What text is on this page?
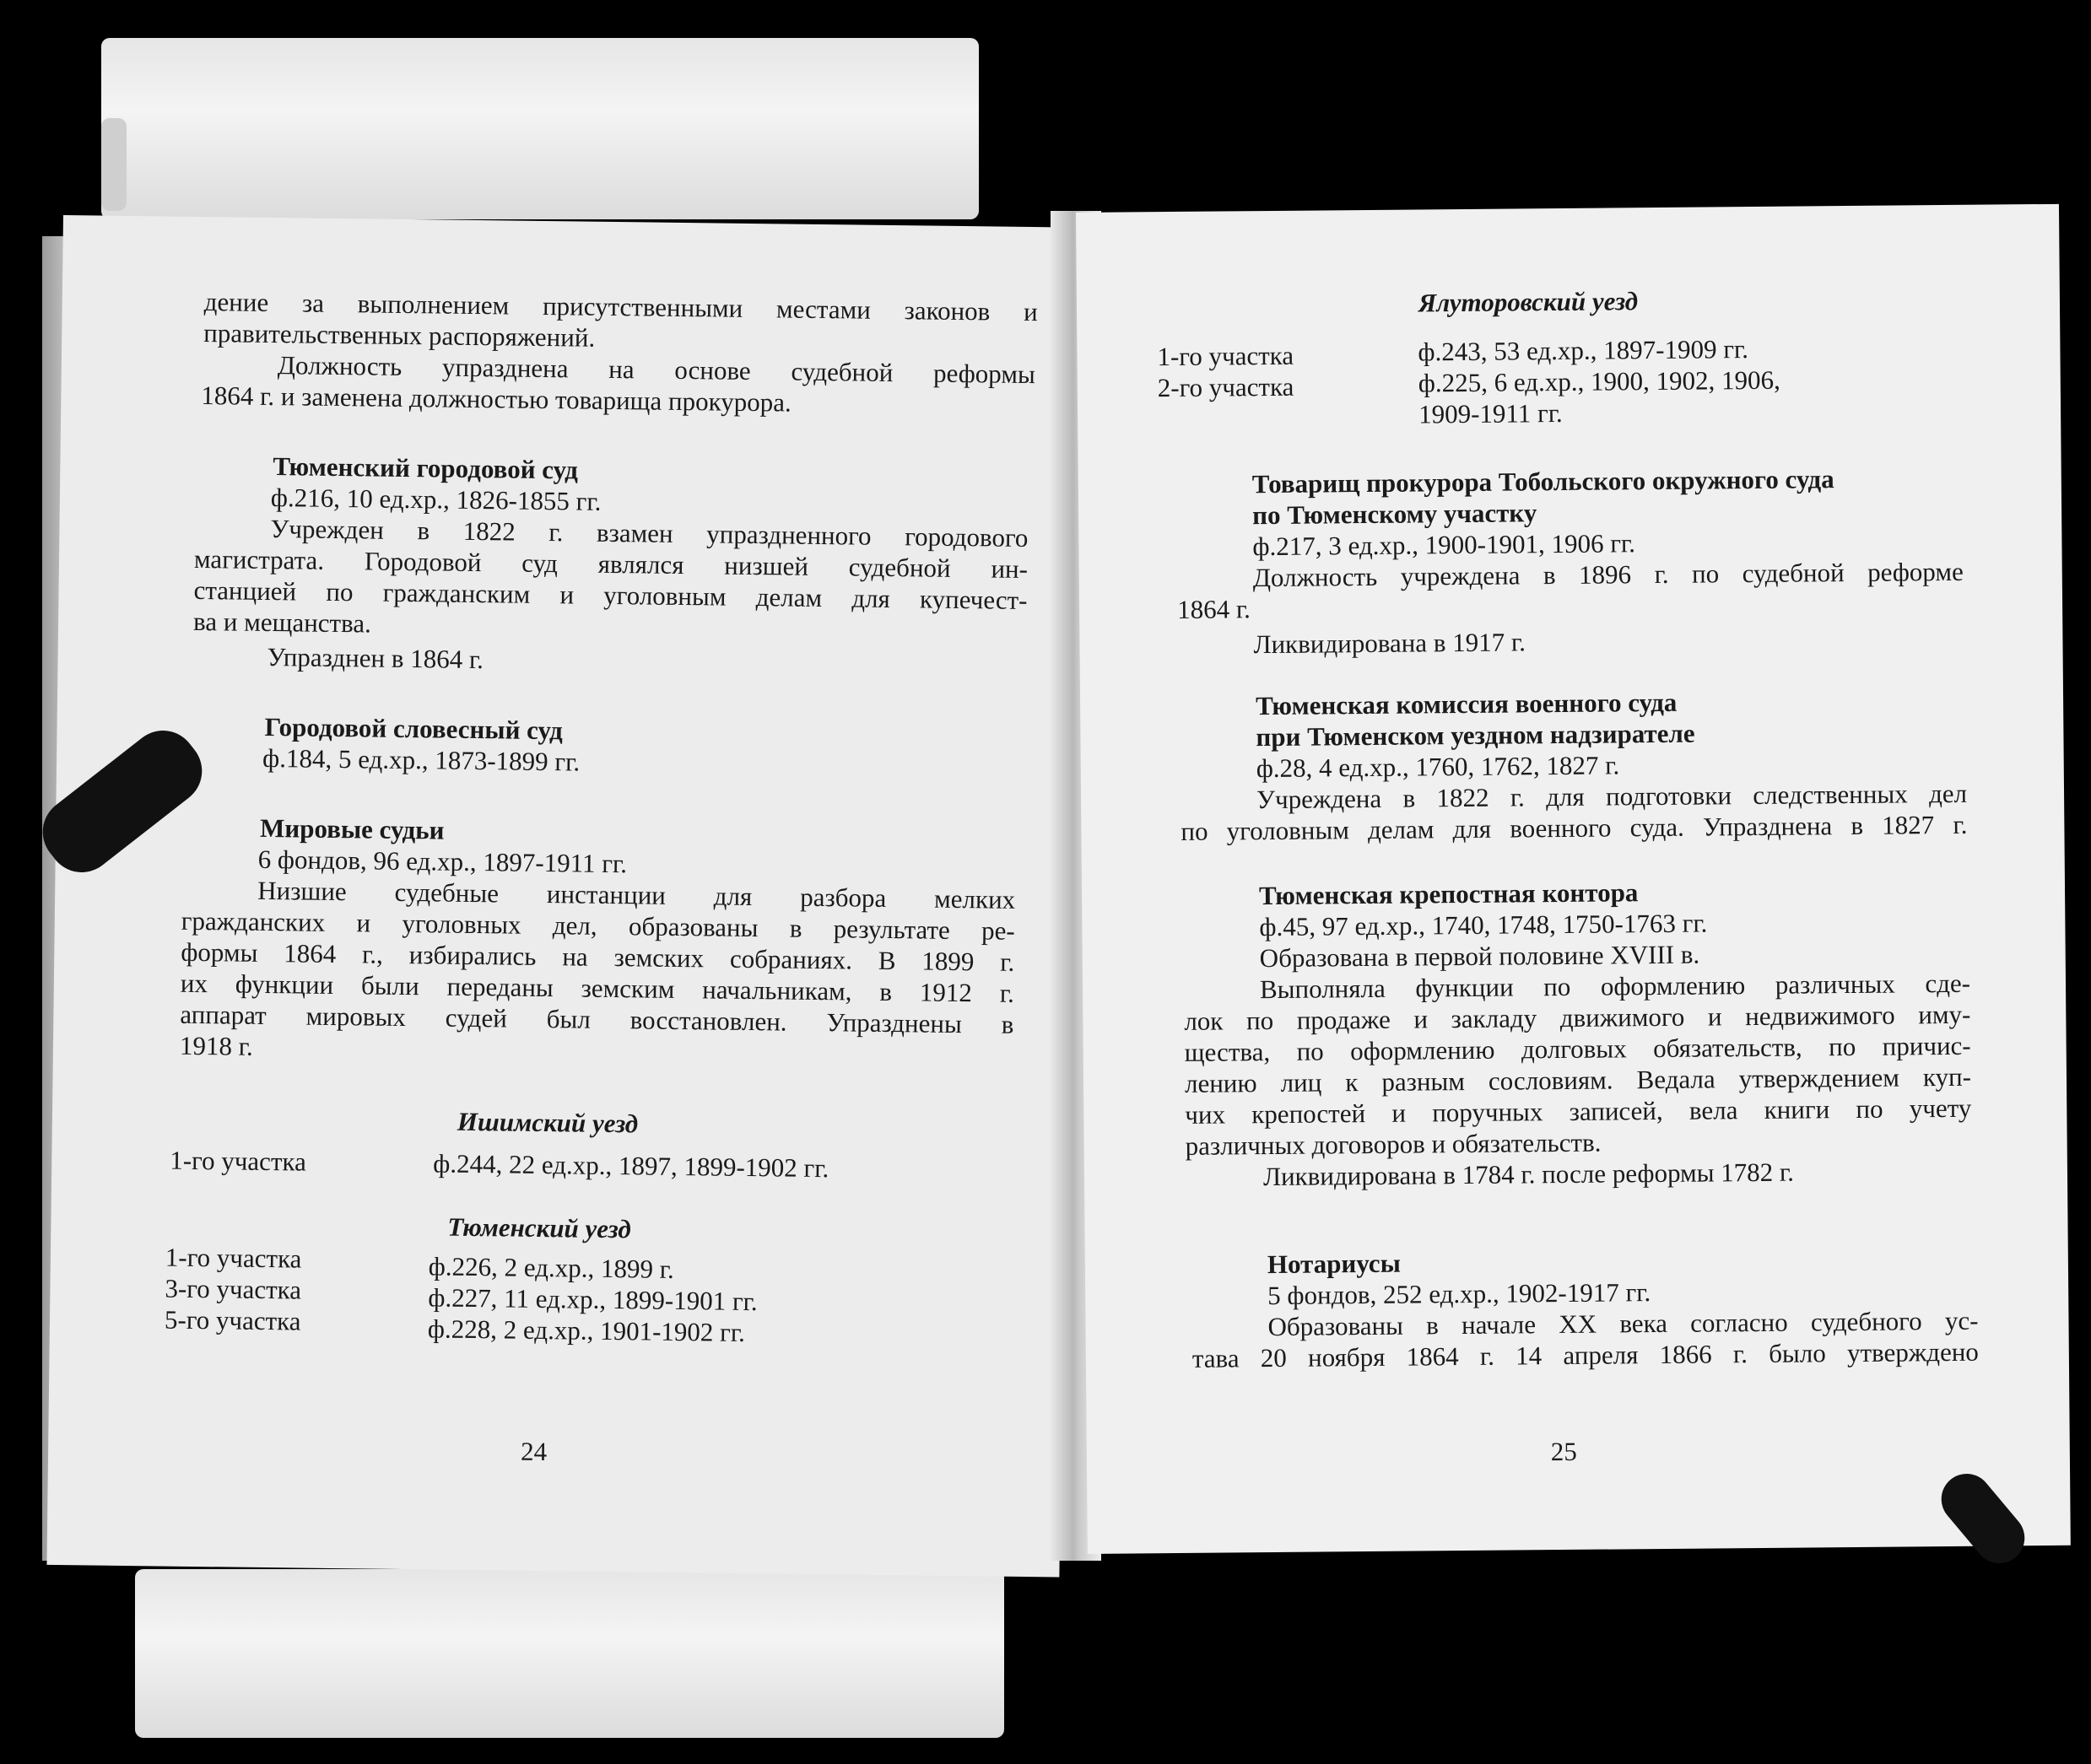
дение за выполнением присутственными местами законов и
правительственных распоряжений.
Должность упразднена на основе судебной реформы
1864 г. и заменена должностью товарища прокурора.
Тюменский городовой суд
ф.216, 10 ед.хр., 1826-1855 гг.
Учрежден в 1822 г. взамен упраздненного городового
магистрата. Городовой суд являлся низшей судебной ин-
станцией по гражданским и уголовным делам для купечест-
ва и мещанства.
Упразднен в 1864 г.
Городовой словесный суд
ф.184, 5 ед.хр., 1873-1899 гг.
Мировые судьи
6 фондов, 96 ед.хр., 1897-1911 гг.
Низшие судебные инстанции для разбора мелких
гражданских и уголовных дел, образованы в результате ре-
формы 1864 г., избирались на земских собраниях. В 1899 г.
их функции были переданы земским начальникам, в 1912 г.
аппарат мировых судей был восстановлен. Упразднены в
1918 г.
Ишимский уезд
1-го участка	ф.244, 22 ед.хр., 1897, 1899-1902 гг.
Тюменский уезд
1-го участка	ф.226, 2 ед.хр., 1899 г.
3-го участка	ф.227, 11 ед.хр., 1899-1901 гг.
5-го участка	ф.228, 2 ед.хр., 1901-1902 гг.
24
Ялуторовский уезд
1-го участка	ф.243, 53 ед.хр., 1897-1909 гг.
2-го участка	ф.225, 6 ед.хр., 1900, 1902, 1906,
1909-1911 гг.
Товарищ прокурора Тобольского окружного суда
по Тюменскому участку
ф.217, 3 ед.хр., 1900-1901, 1906 гг.
Должность учреждена в 1896 г. по судебной реформе
1864 г.
Ликвидирована в 1917 г.
Тюменская комиссия военного суда
при Тюменском уездном надзирателе
ф.28, 4 ед.хр., 1760, 1762, 1827 г.
Учреждена в 1822 г. для подготовки следственных дел
по уголовным делам для военного суда. Упразднена в 1827 г.
Тюменская крепостная контора
ф.45, 97 ед.хр., 1740, 1748, 1750-1763 гг.
Образована в первой половине XVIII в.
Выполняла функции по оформлению различных сде-
лок по продаже и закладу движимого и недвижимого иму-
щества, по оформлению долговых обязательств, по причис-
лению лиц к разным сословиям. Ведала утверждением куп-
чих крепостей и поручных записей, вела книги по учету
различных договоров и обязательств.
Ликвидирована в 1784 г. после реформы 1782 г.
Нотариусы
5 фондов, 252 ед.хр., 1902-1917 гг.
Образованы в начале XX века согласно судебного ус-
тава 20 ноября 1864 г. 14 апреля 1866 г. было утверждено
25
